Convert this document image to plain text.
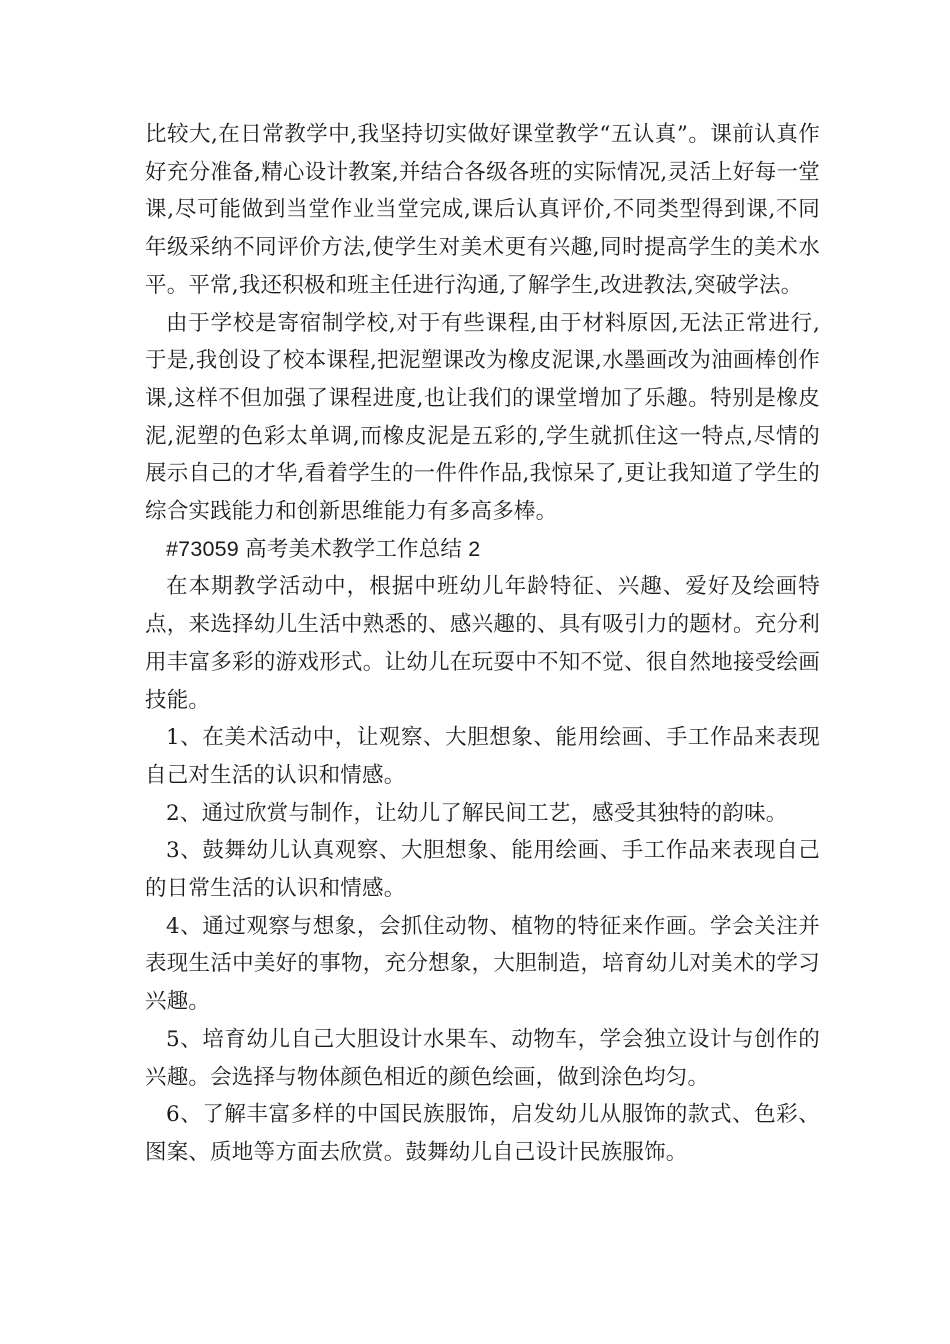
比较大,在日常教学中,我坚持切实做好课堂教学“五认真”。课前认真作好充分准备,精心设计教案,并结合各级各班的实际情况,灵活上好每一堂课,尽可能做到当堂作业当堂完成,课后认真评价,不同类型得到课,不同年级采纳不同评价方法,使学生对美术更有兴趣,同时提高学生的美术水平。平常,我还积极和班主任进行沟通,了解学生,改进教法,突破学法。

由于学校是寄宿制学校,对于有些课程,由于材料原因,无法正常进行,于是,我创设了校本课程,把泥塑课改为橡皮泥课,水墨画改为油画棒创作课,这样不但加强了课程进度,也让我们的课堂增加了乐趣。特别是橡皮泥,泥塑的色彩太单调,而橡皮泥是五彩的,学生就抓住这一特点,尽情的展示自己的才华,看着学生的一件件作品,我惊呆了,更让我知道了学生的综合实践能力和创新思维能力有多高多棒。

#73059 高考美术教学工作总结 2

在本期教学活动中，根据中班幼儿年龄特征、兴趣、爱好及绘画特点，来选择幼儿生活中熟悉的、感兴趣的、具有吸引力的题材。充分利用丰富多彩的游戏形式。让幼儿在玩耍中不知不觉、很自然地接受绘画技能。

1、在美术活动中，让观察、大胆想象、能用绘画、手工作品来表现自己对生活的认识和情感。

2、通过欣赏与制作，让幼儿了解民间工艺，感受其独特的韵味。

3、鼓舞幼儿认真观察、大胆想象、能用绘画、手工作品来表现自己的日常生活的认识和情感。

4、通过观察与想象，会抓住动物、植物的特征来作画。学会关注并表现生活中美好的事物，充分想象，大胆制造，培育幼儿对美术的学习兴趣。

5、培育幼儿自己大胆设计水果车、动物车，学会独立设计与创作的兴趣。会选择与物体颜色相近的颜色绘画，做到涂色均匀。

6、了解丰富多样的中国民族服饰，启发幼儿从服饰的款式、色彩、图案、质地等方面去欣赏。鼓舞幼儿自己设计民族服饰。
